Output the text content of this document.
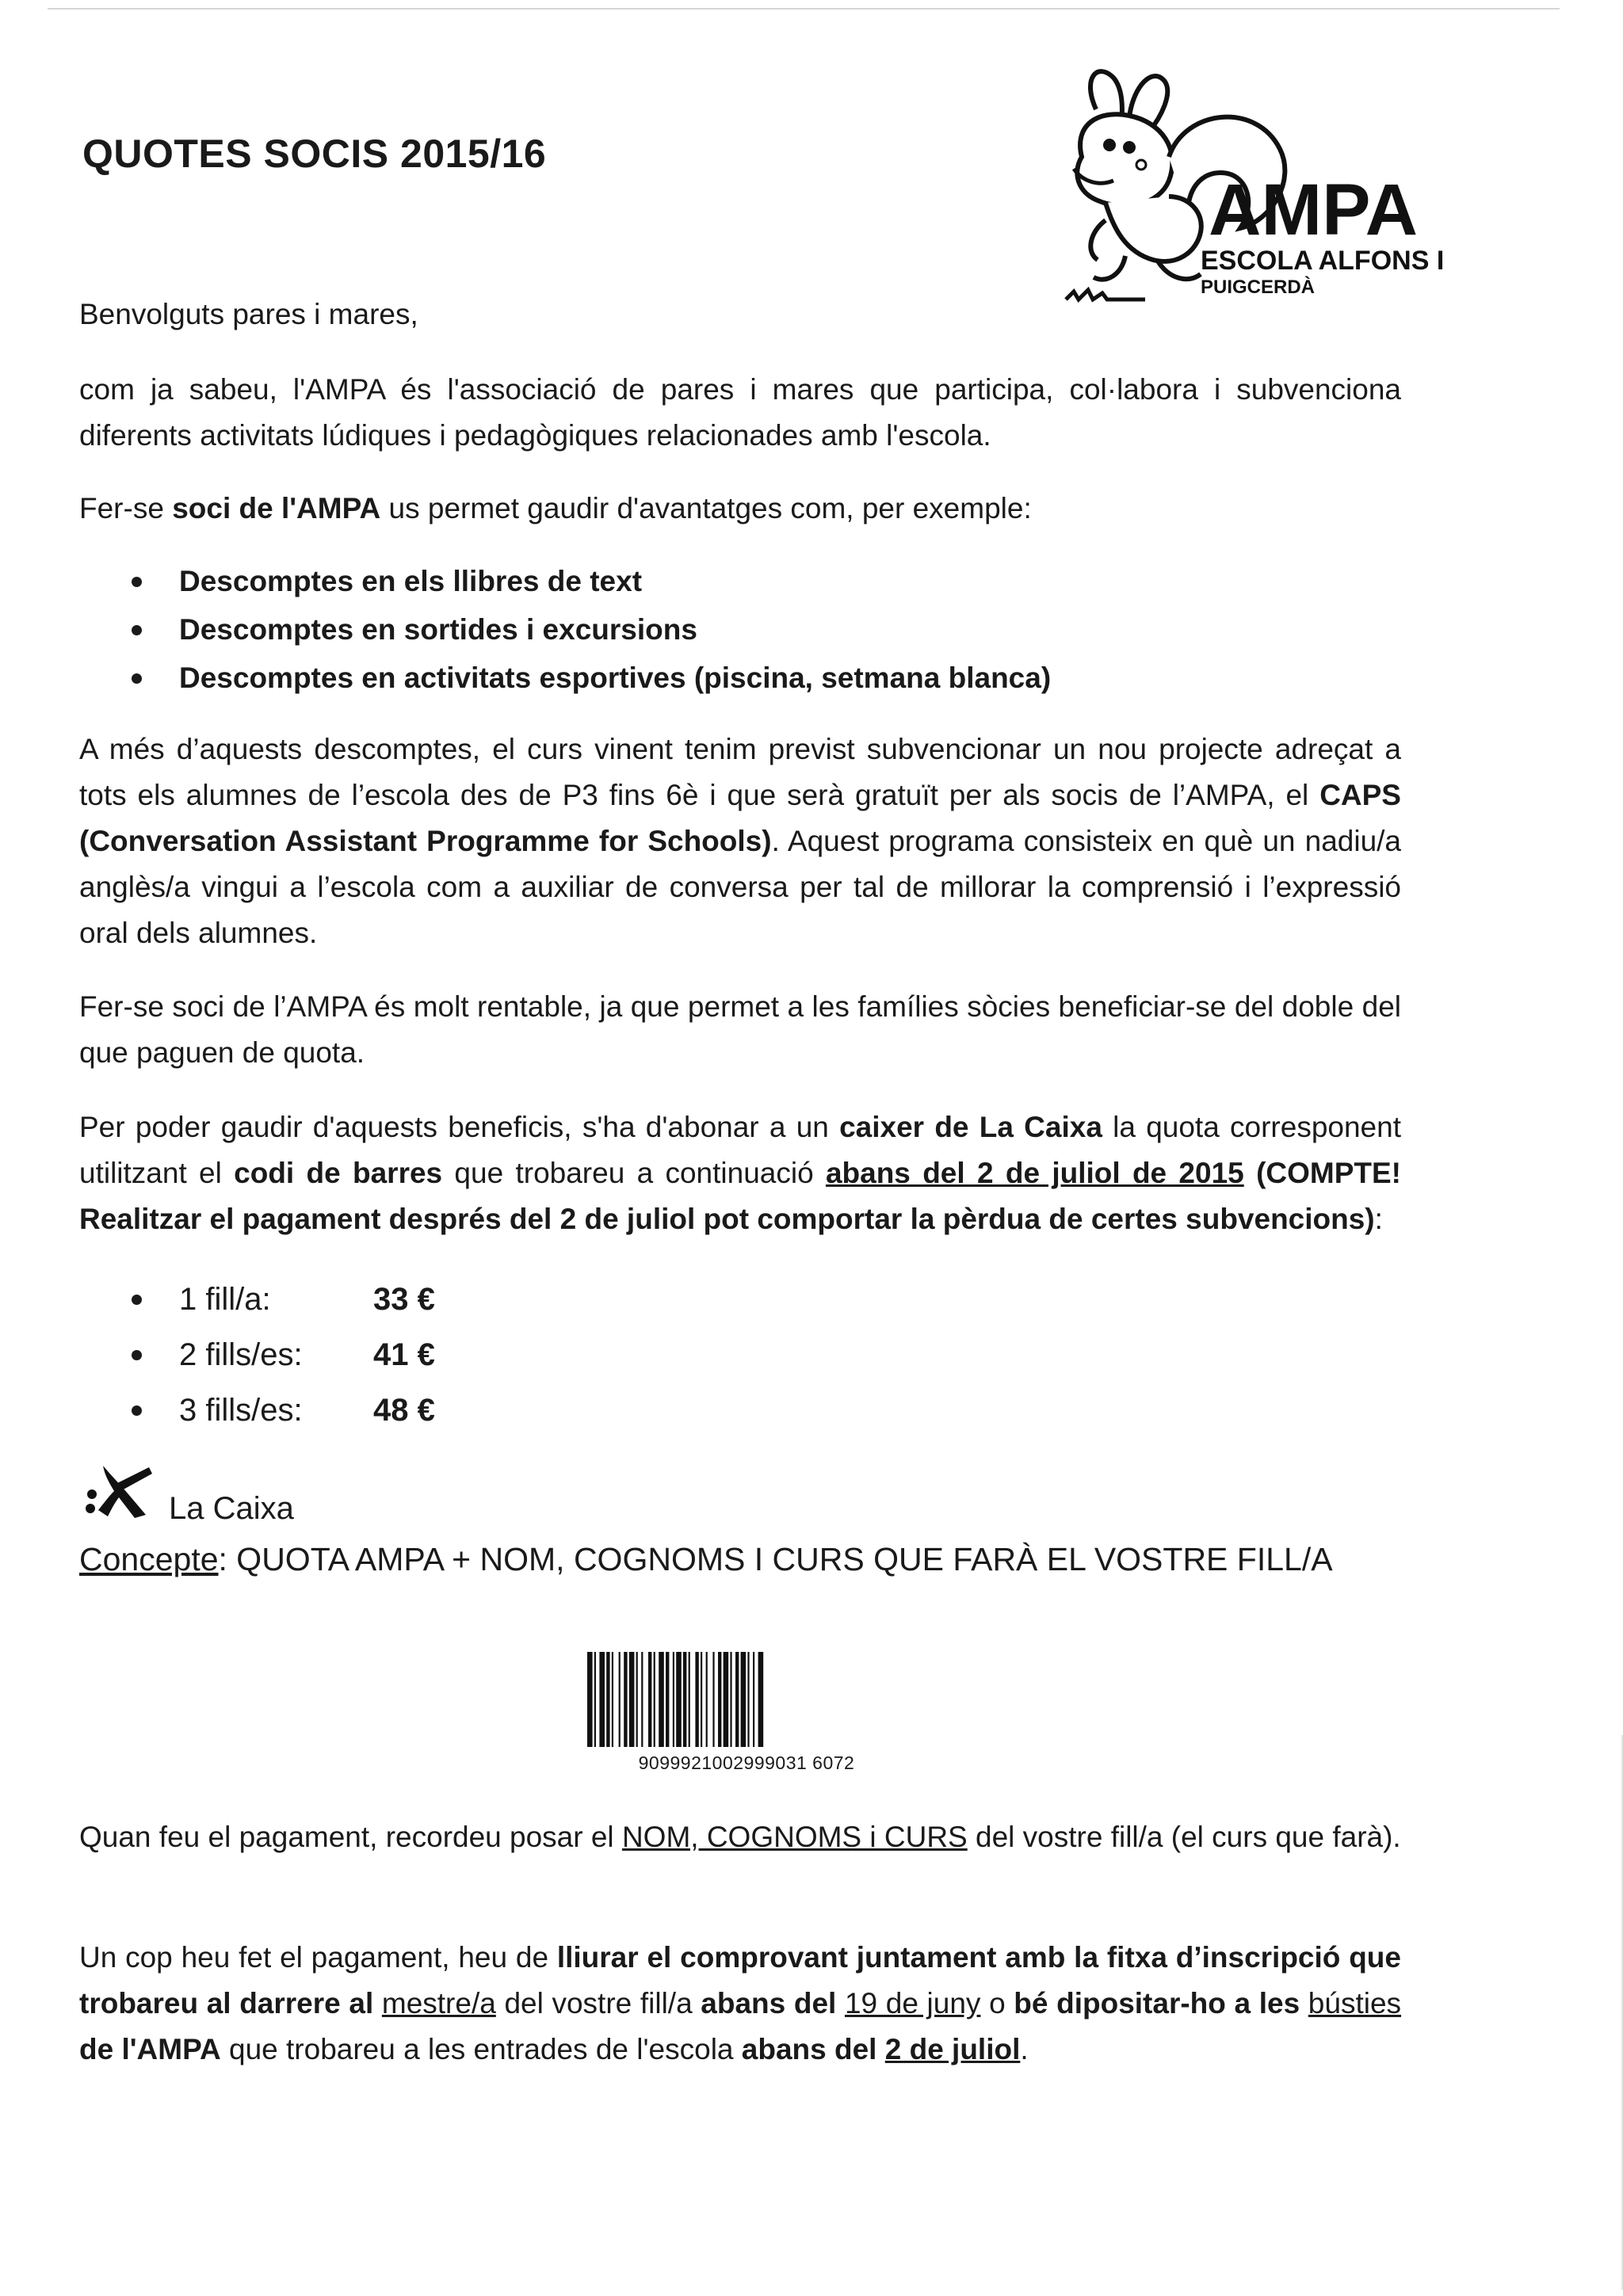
QUOTES SOCIS 2015/16
AMPA
ESCOLA ALFONS I
PUIGCERDÀ

Benvolguts pares i mares,

com ja sabeu, l'AMPA és l'associació de pares i mares que participa, col·labora i subvenciona diferents activitats lúdiques i pedagògiques relacionades amb l'escola.

Fer-se soci de l'AMPA us permet gaudir d'avantatges com, per exemple:

Descomptes en els llibres de text
Descomptes en sortides i excursions
Descomptes en activitats esportives (piscina, setmana blanca)

A més d’aquests descomptes, el curs vinent tenim previst subvencionar un nou projecte adreçat a tots els alumnes de l’escola des de P3 fins 6è i que serà gratuït per als socis de l’AMPA, el CAPS (Conversation Assistant Programme for Schools). Aquest programa consisteix en què un nadiu/a anglès/a vingui a l’escola com a auxiliar de conversa per tal de millorar la comprensió i l’expressió oral dels alumnes.

Fer-se soci de l’AMPA és molt rentable, ja que permet a les famílies sòcies beneficiar-se del doble del que paguen de quota.

Per poder gaudir d'aquests beneficis, s'ha d'abonar a un caixer de La Caixa la quota corresponent utilitzant el codi de barres que trobareu a continuació abans del 2 de juliol de 2015 (COMPTE! Realitzar el pagament després del 2 de juliol pot comportar la pèrdua de certes subvencions):

1 fill/a:	33 €
2 fills/es: 41 €
3 fills/es: 48 €
La Caixa
Concepte: QUOTA AMPA + NOM, COGNOMS I CURS QUE FARÀ EL VOSTRE FILL/A
9099921002999031 6072

Quan feu el pagament, recordeu posar el NOM, COGNOMS i CURS del vostre fill/a (el curs que farà).

Un cop heu fet el pagament, heu de lliurar el comprovant juntament amb la fitxa d’inscripció que trobareu al darrere al mestre/a del vostre fill/a abans del 19 de juny o bé dipositar-ho a les bústies de l'AMPA que trobareu a les entrades de l'escola abans del 2 de juliol.
